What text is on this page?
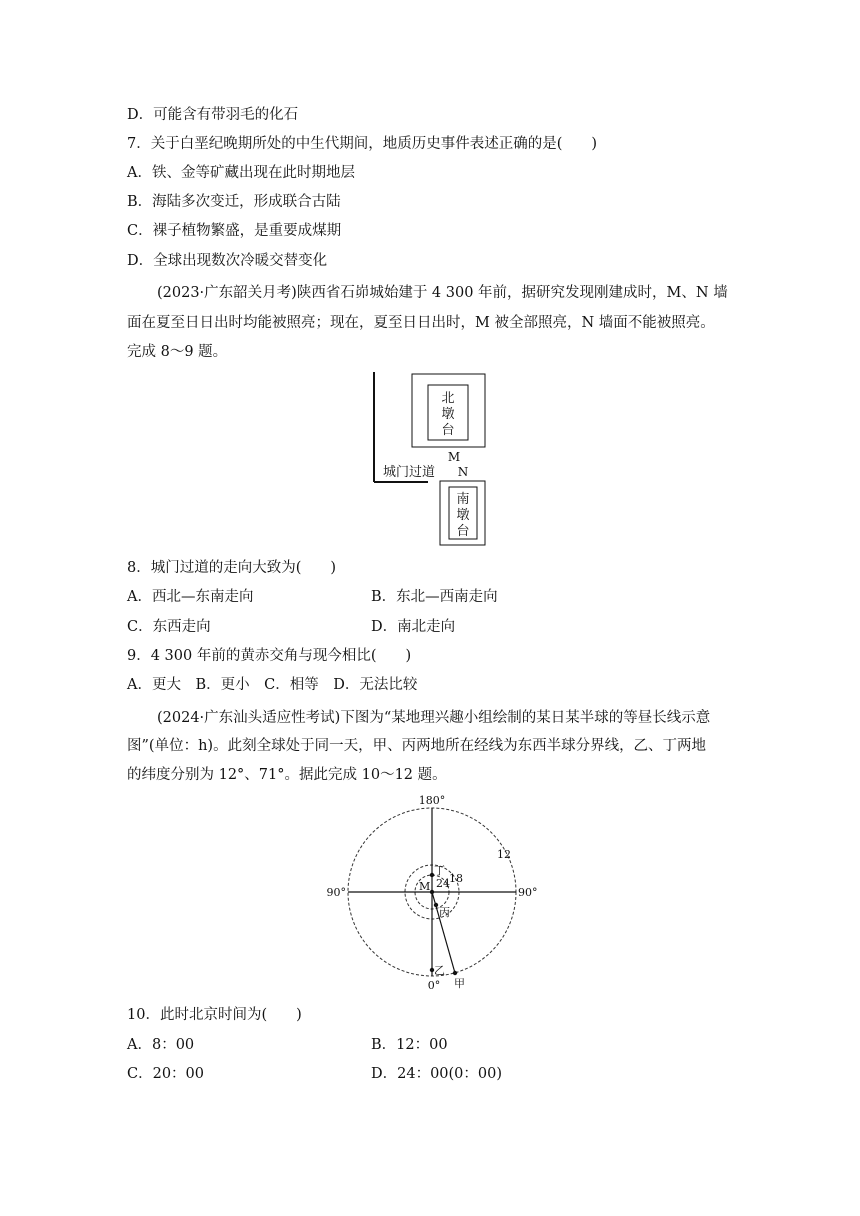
D．可能含有带羽毛的化石
7．关于白垩纪晚期所处的中生代期间，地质历史事件表述正确的是(　　)
A．铁、金等矿藏出现在此时期地层
B．海陆多次变迁，形成联合古陆
C．裸子植物繁盛，是重要成煤期
D．全球出现数次冷暖交替变化
(2023·广东韶关月考)陕西省石峁城始建于 4 300 年前，据研究发现刚建成时，M、N 墙
面在夏至日日出时均能被照亮；现在，夏至日日出时，M 被全部照亮，N 墙面不能被照亮。
完成 8～9 题。
北
墩
台
M
N
城门过道
南
墩
台
8．城门过道的走向大致为(　　)
A．西北—东南走向	B．东北—西南走向
C．东西走向	D．南北走向
9．4 300 年前的黄赤交角与现今相比(　　)
A．更大　B．更小　C．相等　D．无法比较
(2024·广东汕头适应性考试)下图为“某地理兴趣小组绘制的某日某半球的等昼长线示意
图”(单位：h)。此刻全球处于同一天，甲、丙两地所在经线为东西半球分界线，乙、丁两地
的纬度分别为 12°、71°。据此完成 10～12 题。
180°
0°
90°	90°
12
18
24
M
丁
丙
乙
甲
10．此时北京时间为(　　)
A．8：00	B．12：00
C．20：00	D．24：00(0：00)
